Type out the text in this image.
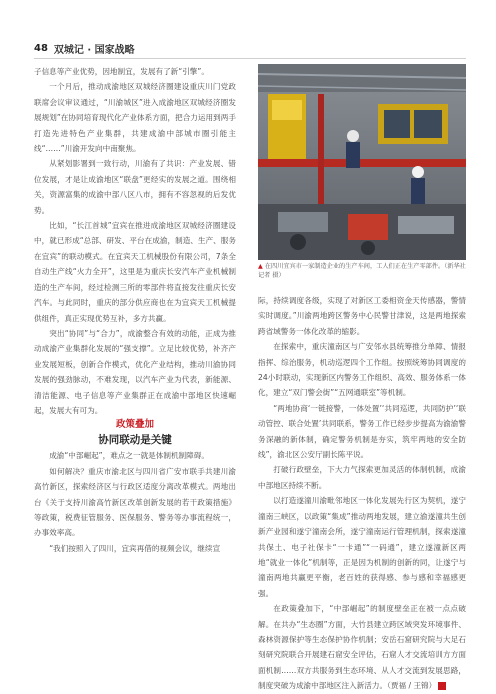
48 双城记 · 国家战略

子信息等产业优势，因地制宜，发展有了新“引擎”。

一个月后，推动成渝地区双城经济圈建设重庆川门党政联席会议审议通过，“川渝城区”进入成渝地区双城经济圈发展规划”在协同培育现代化产业体系方面，把合力运用到两手打造先进特色产业集群，共建成渝中部城市圈引能主线“……”川渝开发向中南聚焦。

从紧划影署到一致行动，川渝有了共识：产业发展、错位发展，才是让成渝地区“联盘”更经实的发展之道。围绕相关，资源富集的成渝中部八区八市，拥有不容忽视的后发优势。

比如，“长江首城”宜宾在推进成渝地区双城经济圈建设中，就已形成“总部、研发、平台在成渝，制造、生产、服务在宜宾”的联动模式。在宜宾天工机械股份有限公司，7条全自动生产线“火力全开”，这里是为重庆长安汽车产业机械制造的生产车间，经过检测三所的零部件将直接发往重庆长安汽车。与此同时，重庆的部分供应商也在为宜宾天工机械提供组件，真正实现优势互补，多方共赢。

突出“协同”与“合力”，成渝整合有效的动能，正成为推动成渝产业集群化发展的“强支撑”。立足比较优势，补齐产业发展短板，创新合作模式，优化产业结构，推动川渝协同发展的强劲脉动，不难发现，以汽车产业为代表，新能源、清洁能源、电子信息等产业集群正在成渝中部地区快速崛起，发展大有可为。

政策叠加

协同联动是关键

成渝“中部崛起”，难点之一就是体制机制障碍。

如何解决？重庆市渝北区与四川省广安市联手共建川渝高竹新区，探索经济区与行政区适度分离改革模式。两地出台《关于支持川渝高竹新区改革创新发展的若干政策措施》等政策，税费征管服务、医保服务、警务等办事流程统一，办事效率高。

“我们按照入了四川，宜宾再借的视频会议，继续宣

▲ 在四川宜宾市一家制造企业的生产车间，工人们正在生产零部件。（新华社记者 摄）

际，持续调度各级，实现了对新区工委相资金天传感器，警情实时调度。”川渝两地跨区警务中心民警甘津说，这是两地探索跨省域警务一体化改革的缩影。

在探索中，重庆潼南区与广安邻水县统筹推分单障、情报指挥、综治服务，机动巡逻四个工作组。按照统筹协同调度的24小时联动，实现新区内警务工作组织、高效、服务体系一体化，建立“双门警会街”“五网通联室”等机制。

“两地协商‘一链接警，一体处置’‘共同巡逻，共同防护’‘联动管控、联合处置’共同联系，警务工作已经步步提高为渝渝警务深融的新体制，确定警务机制是夯实，筑牢两地的安全防线”，渝北区公安厅副长陈平说。

打破行政壁垒，下大力气探索更加灵活的体制机制，成渝中部地区持续不断。

以打造遂潼川渝毗邻地区一体化发展先行区为契机，遂宁潼南三峡区，以政策“集成”推动两地发展，建立渝遂潼共生创新产业园和遂宁潼南会所，遂宁潼南运行管理机制，探索遂潼共保土、电子社保卡“一卡通”“一码通”，建立遂潼新区两地“就业一体化”机制等，正是因为机制的创新的同，让遂宁与潼南两地共赢更平衡，老百姓的获得感、参与感和幸福感更强。

在政策叠加下，“中部崛起”的制度壁垒正在被一点点破解。在共办“生态圈”方面，大竹县建立跨区域突发环境事件、森林资源保护等生态保护协作机制；安岳石窟研究院与大足石刻研究院联合开展建石窟安全评估，石窟人才交流培训方方面面机制……双方共服务到生态环境、从人才交流到发展思路，制度突破为成渝中部地区注入新活力。（贾福 / 王锦）	■
